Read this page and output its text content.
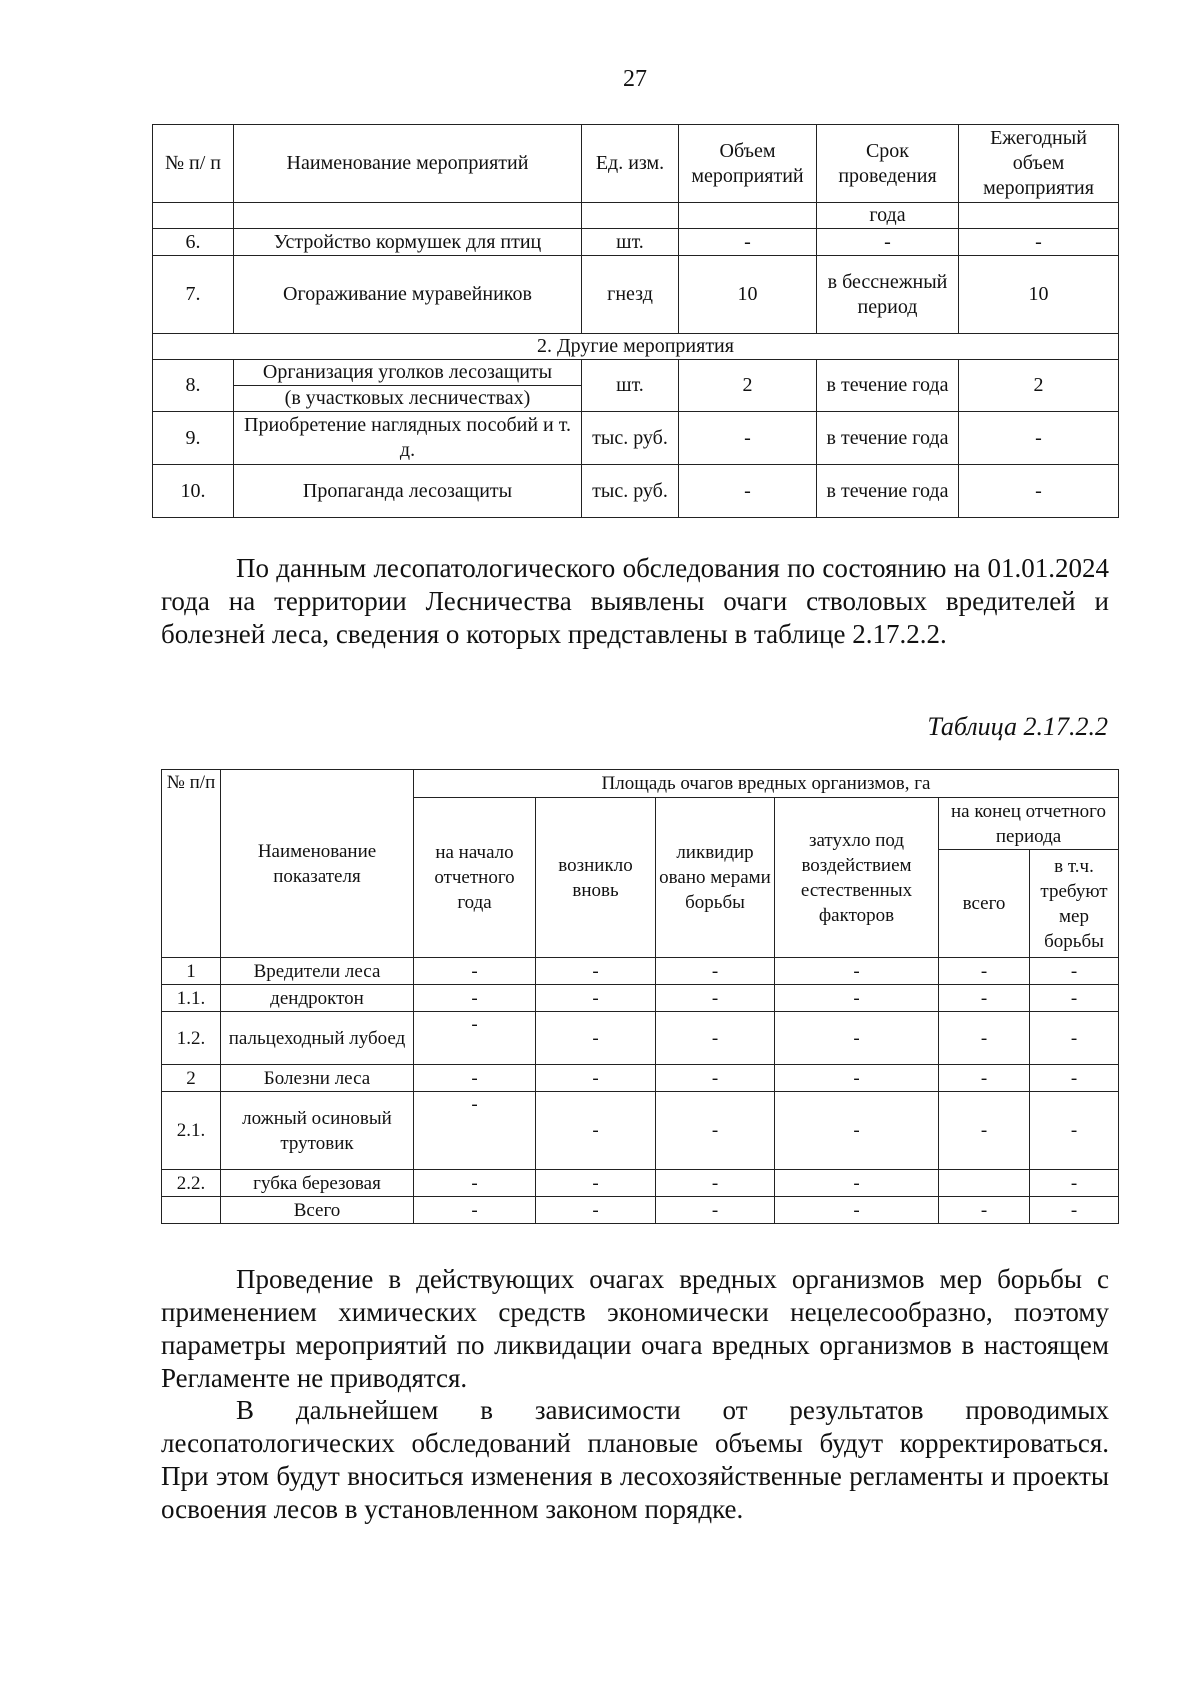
27
№ п/ п	Наименование мероприятий	Ед. изм.	Объем мероприятий	Срок проведения	Ежегодный объем мероприятия
				года	
6.	Устройство кормушек для птиц	шт.	-	-	-
7.	Огораживание муравейников	гнезд	10	в бесснежный период	10
2. Другие мероприятия					
8.	Организация уголков лесозащиты	шт.	2	в течение года	2
	(в участковых лесничествах)				
9.	Приобретение наглядных пособий и т. д.	тыс. руб.	-	в течение года	-
10.	Пропаганда лесозащиты	тыс. руб.	-	в течение года	-

По данным лесопатологического обследования по состоянию на 01.01.2024 года на территории Лесничества выявлены очаги стволовых вредителей и болезней леса, сведения о которых представлены в таблице 2.17.2.2.

Таблица 2.17.2.2
№ п/п	Наименование показателя	Площадь очагов вредных организмов, га					
		на начало отчетного года	возникло вновь	ликвидир овано мерами борьбы	затухло под воздействием естественных факторов	на конец отчетного периода	
						всего	в т.ч. требуют мер борьбы
1	Вредители леса	-	-	-	-	-	-
1.1.	дендроктон	-	-	-	-	-	-
1.2.	пальцеходный лубоед	-	-	-	-	-	-
2	Болезни леса	-	-	-	-	-	-
2.1.	ложный осиновый трутовик	-	-	-	-	-	-
2.2.	губка березовая	-	-	-	-		-
	Всего	-	-	-	-	-	-

Проведение в действующих очагах вредных организмов мер борьбы с применением химических средств экономически нецелесообразно, поэтому параметры мероприятий по ликвидации очага вредных организмов в настоящем Регламенте не приводятся.

В дальнейшем в зависимости от результатов проводимых лесопатологических обследований плановые объемы будут корректироваться. При этом будут вноситься изменения в лесохозяйственные регламенты и проекты освоения лесов в установленном законом порядке.
